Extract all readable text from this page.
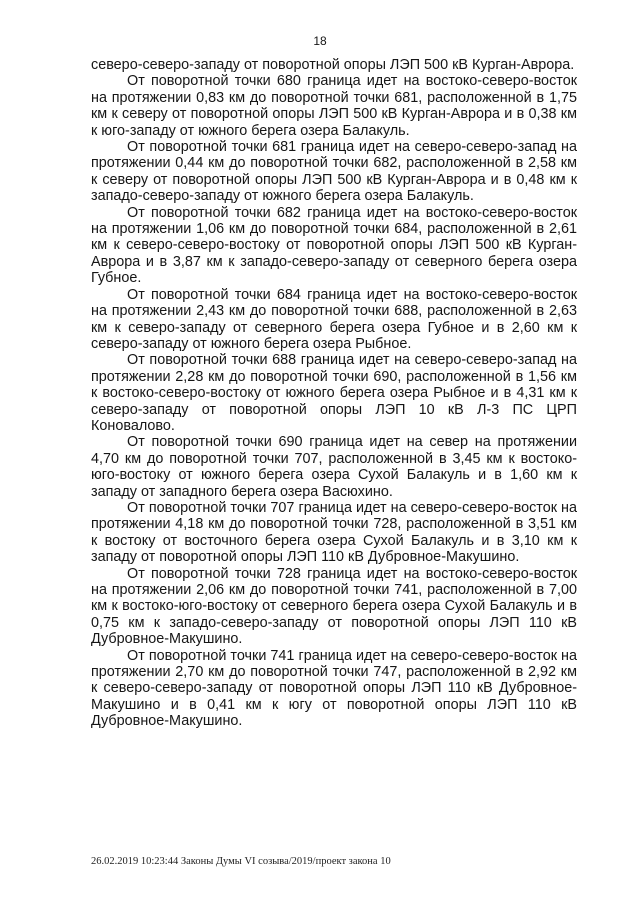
18

северо-северо-западу от поворотной опоры ЛЭП 500 кВ Курган-Аврора.

От поворотной точки 680 граница идет на востоко-северо-восток на протяжении 0,83 км до поворотной точки 681, расположенной в 1,75 км к северу от поворотной опоры ЛЭП 500 кВ Курган-Аврора и в 0,38 км к юго-западу от южного берега озера Балакуль.

От поворотной точки 681 граница идет на северо-северо-запад на протяжении 0,44 км до поворотной точки 682, расположенной в 2,58 км к северу от поворотной опоры ЛЭП 500 кВ Курган-Аврора и в 0,48 км к западо-северо-западу от южного берега озера Балакуль.

От поворотной точки 682 граница идет на востоко-северо-восток на протяжении 1,06 км до поворотной точки 684, расположенной в 2,61 км к северо-северо-востоку от поворотной опоры ЛЭП 500 кВ Курган-Аврора и в 3,87 км к западо-северо-западу от северного берега озера Губное.

От поворотной точки 684 граница идет на востоко-северо-восток на протяжении 2,43 км до поворотной точки 688, расположенной в 2,63 км к северо-западу от северного берега озера Губное и в 2,60 км к северо-западу от южного берега озера Рыбное.

От поворотной точки 688 граница идет на северо-северо-запад на протяжении 2,28 км до поворотной точки 690, расположенной в 1,56 км к востоко-северо-востоку от южного берега озера Рыбное и в 4,31 км к северо-западу от поворотной опоры ЛЭП 10 кВ Л-3 ПС ЦРП Коновалово.

От поворотной точки 690 граница идет на север на протяжении 4,70 км до поворотной точки 707, расположенной в 3,45 км к востоко-юго-востоку от южного берега озера Сухой Балакуль и в 1,60 км к западу от западного берега озера Васюхино.

От поворотной точки 707 граница идет на северо-северо-восток на протяжении 4,18 км до поворотной точки 728, расположенной в 3,51 км к востоку от восточного берега озера Сухой Балакуль и в 3,10 км к западу от поворотной опоры ЛЭП 110 кВ Дубровное-Макушино.

От поворотной точки 728 граница идет на востоко-северо-восток на протяжении 2,06 км до поворотной точки 741, расположенной в 7,00 км к востоко-юго-востоку от северного берега озера Сухой Балакуль и в 0,75 км к западо-северо-западу от поворотной опоры ЛЭП 110 кВ Дубровное-Макушино.

От поворотной точки 741 граница идет на северо-северо-восток на протяжении 2,70 км до поворотной точки 747, расположенной в 2,92 км к северо-северо-западу от поворотной опоры ЛЭП 110 кВ Дубровное-Макушино и в 0,41 км к югу от поворотной опоры ЛЭП 110 кВ Дубровное-Макушино.

26.02.2019 10:23:44 Законы Думы VI созыва/2019/проект закона 10
